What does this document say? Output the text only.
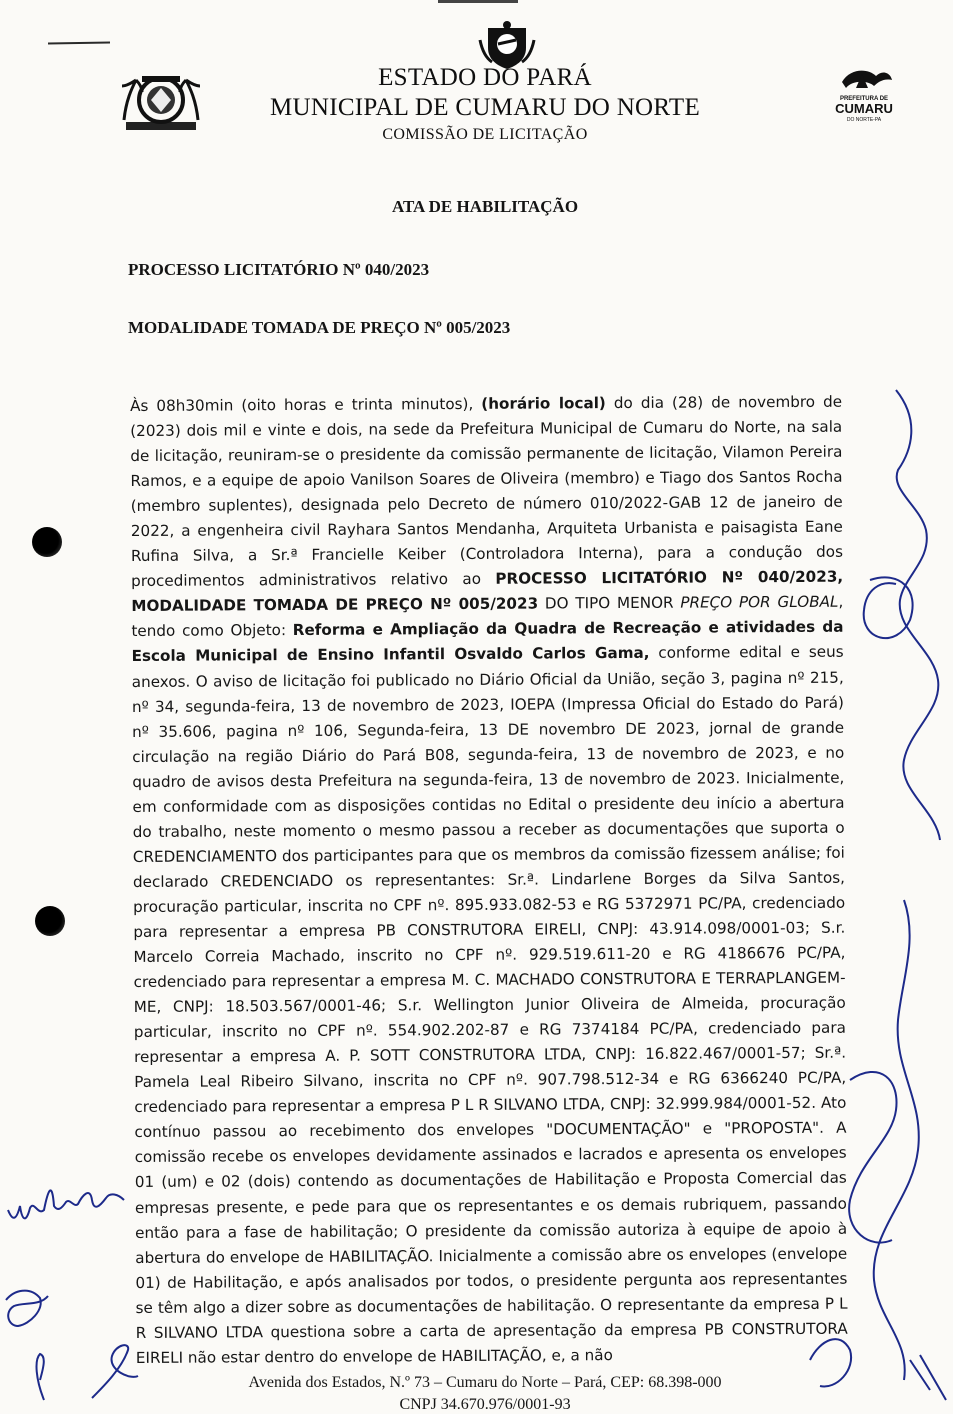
PREFEITURA DE
CUMARU
DO NORTE-PA
ESTADO DO PARÁ
MUNICIPAL DE CUMARU DO NORTE
COMISSÃO DE LICITAÇÃO
ATA DE HABILITAÇÃO
PROCESSO LICITATÓRIO Nº 040/2023
MODALIDADE TOMADA DE PREÇO Nº 005/2023
Às 08h30min (oito horas e trinta minutos), (horário local) do dia (28) de novembro de (2023) dois mil e vinte e dois, na sede da Prefeitura Municipal de Cumaru do Norte, na sala de licitação, reuniram-se o presidente da comissão permanente de licitação, Vilamon Pereira Ramos, e a equipe de apoio Vanilson Soares de Oliveira (membro) e Tiago dos Santos Rocha (membro suplentes), designada pelo Decreto de número 010/2022-GAB 12 de janeiro de 2022, a engenheira civil Rayhara Santos Mendanha, Arquiteta Urbanista e paisagista Eane Rufina Silva, a Sr.ª Francielle Keiber (Controladora Interna), para a condução dos procedimentos administrativos relativo ao PROCESSO LICITATÓRIO Nº 040/2023, MODALIDADE TOMADA DE PREÇO Nº 005/2023 DO TIPO MENOR PREÇO POR GLOBAL, tendo como Objeto: Reforma e Ampliação da Quadra de Recreação e atividades da Escola Municipal de Ensino Infantil Osvaldo Carlos Gama, conforme edital e seus anexos. O aviso de licitação foi publicado no Diário Oficial da União, seção 3, pagina nº 215, nº 34, segunda-feira, 13 de novembro de 2023, IOEPA (Impressa Oficial do Estado do Pará) nº 35.606, pagina nº 106, Segunda-feira, 13 DE novembro DE 2023, jornal de grande circulação na região Diário do Pará B08, segunda-feira, 13 de novembro de 2023, e no quadro de avisos desta Prefeitura na segunda-feira, 13 de novembro de 2023. Inicialmente, em conformidade com as disposições contidas no Edital o presidente deu início a abertura do trabalho, neste momento o mesmo passou a receber as documentações que suporta o CREDENCIAMENTO dos participantes para que os membros da comissão fizessem análise; foi declarado CREDENCIADO os representantes: Sr.ª. Lindarlene Borges da Silva Santos, procuração particular, inscrita no CPF nº. 895.933.082-53 e RG 5372971 PC/PA, credenciado para representar a empresa PB CONSTRUTORA EIRELI, CNPJ: 43.914.098/0001-03; S.r. Marcelo Correia Machado, inscrito no CPF nº. 929.519.611-20 e RG 4186676 PC/PA, credenciado para representar a empresa M. C. MACHADO CONSTRUTORA E TERRAPLANGEM-ME, CNPJ: 18.503.567/0001-46; S.r. Wellington Junior Oliveira de Almeida, procuração particular, inscrito no CPF nº. 554.902.202-87 e RG 7374184 PC/PA, credenciado para representar a empresa A. P. SOTT CONSTRUTORA LTDA, CNPJ: 16.822.467/0001-57; Sr.ª. Pamela Leal Ribeiro Silvano, inscrita no CPF nº. 907.798.512-34 e RG 6366240 PC/PA, credenciado para representar a empresa P L R SILVANO LTDA, CNPJ: 32.999.984/0001-52. Ato contínuo passou ao recebimento dos envelopes "DOCUMENTAÇÃO" e "PROPOSTA". A comissão recebe os envelopes devidamente assinados e lacrados e apresenta os envelopes 01 (um) e 02 (dois) contendo as documentações de Habilitação e Proposta Comercial das empresas presente, e pede para que os representantes e os demais rubriquem, passando então para a fase de habilitação; O presidente da comissão autoriza à equipe de apoio à abertura do envelope de HABILITAÇÃO. Inicialmente a comissão abre os envelopes (envelope 01) de Habilitação, e após analisados por todos, o presidente pergunta aos representantes se têm algo a dizer sobre as documentações de habilitação. O representante da empresa P L R SILVANO LTDA questiona sobre a carta de apresentação da empresa PB CONSTRUTORA EIRELI não estar dentro do envelope de HABILITAÇÃO, e, a não
Avenida dos Estados, N.º 73 – Cumaru do Norte – Pará, CEP: 68.398-000
CNPJ 34.670.976/0001-93
